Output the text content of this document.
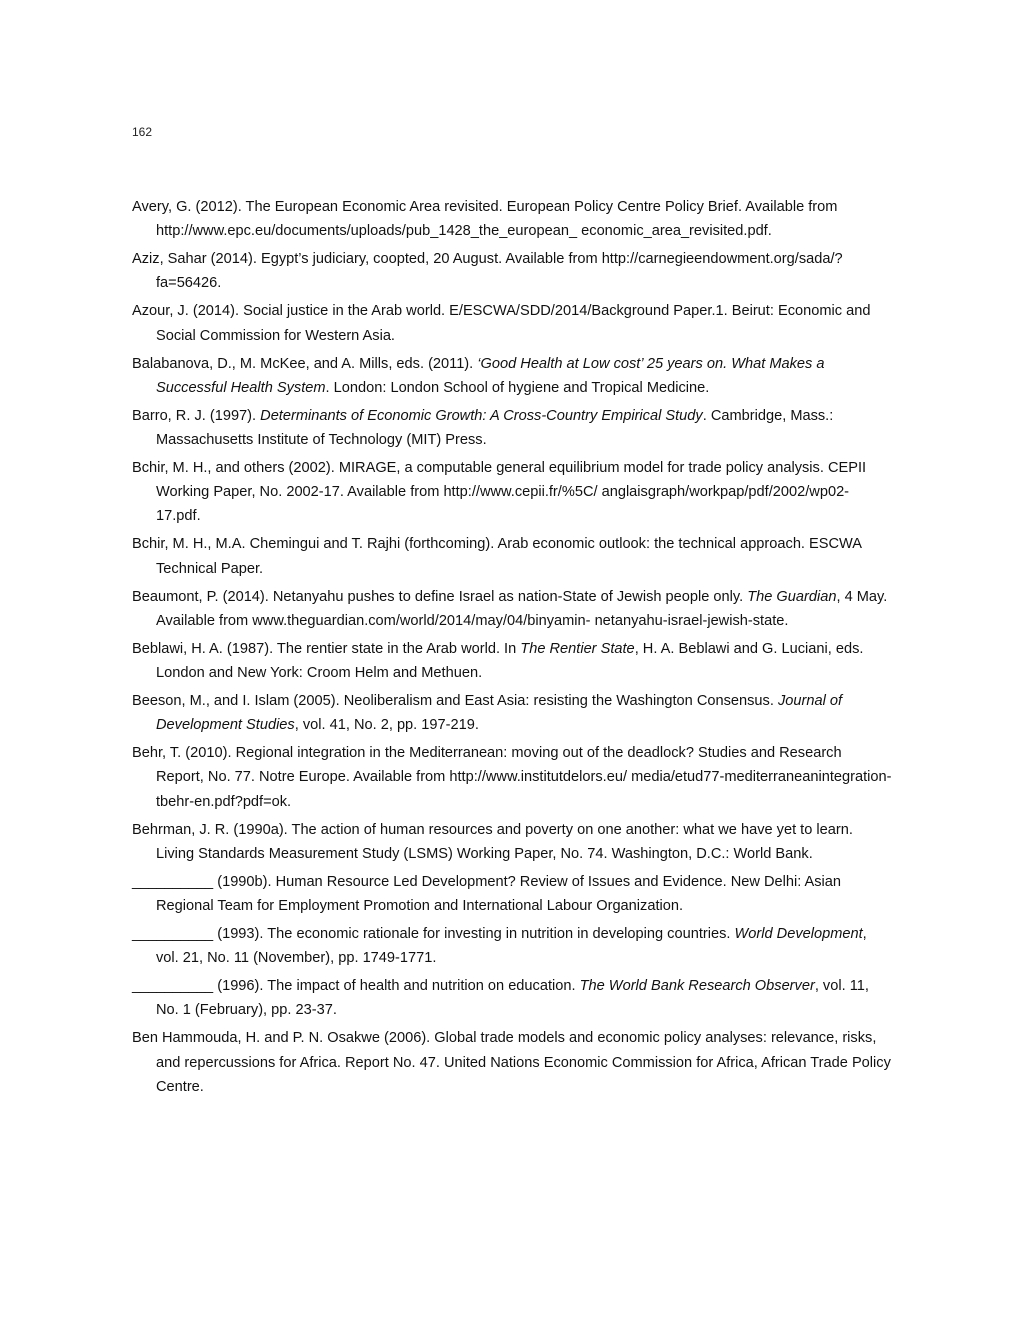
162

Avery, G. (2012). The European Economic Area revisited. European Policy Centre Policy Brief. Available from http://www.epc.eu/documents/uploads/pub_1428_the_european_ economic_area_revisited.pdf.

Aziz, Sahar (2014). Egypt’s judiciary, coopted, 20 August. Available from http://carnegieendowment.org/sada/?fa=56426.

Azour, J. (2014). Social justice in the Arab world. E/ESCWA/SDD/2014/Background Paper.1. Beirut: Economic and Social Commission for Western Asia.

Balabanova, D., M. McKee, and A. Mills, eds. (2011). ‘Good Health at Low cost’ 25 years on. What Makes a Successful Health System. London: London School of hygiene and Tropical Medicine.

Barro, R. J. (1997). Determinants of Economic Growth: A Cross-Country Empirical Study. Cambridge, Mass.: Massachusetts Institute of Technology (MIT) Press.

Bchir, M. H., and others (2002). MIRAGE, a computable general equilibrium model for trade policy analysis. CEPII Working Paper, No. 2002-17. Available from http://www.cepii.fr/%5C/ anglaisgraph/workpap/pdf/2002/wp02-17.pdf.

Bchir, M. H., M.A. Chemingui and T. Rajhi (forthcoming). Arab economic outlook: the technical approach. ESCWA Technical Paper.

Beaumont, P. (2014). Netanyahu pushes to define Israel as nation-State of Jewish people only. The Guardian, 4 May. Available from www.theguardian.com/world/2014/may/04/binyamin- netanyahu-israel-jewish-state.

Beblawi, H. A. (1987). The rentier state in the Arab world. In The Rentier State, H. A. Beblawi and G. Luciani, eds. London and New York: Croom Helm and Methuen.

Beeson, M., and I. Islam (2005). Neoliberalism and East Asia: resisting the Washington Consensus. Journal of Development Studies, vol. 41, No. 2, pp. 197-219.

Behr, T. (2010). Regional integration in the Mediterranean: moving out of the deadlock? Studies and Research Report, No. 77. Notre Europe. Available from http://www.institutdelors.eu/ media/etud77-mediterraneanintegration-tbehr-en.pdf?pdf=ok.

Behrman, J. R. (1990a). The action of human resources and poverty on one another: what we have yet to learn. Living Standards Measurement Study (LSMS) Working Paper, No. 74. Washington, D.C.: World Bank.

__________ (1990b). Human Resource Led Development? Review of Issues and Evidence. New Delhi: Asian Regional Team for Employment Promotion and International Labour Organization.

__________ (1993). The economic rationale for investing in nutrition in developing countries. World Development, vol. 21, No. 11 (November), pp. 1749-1771.

__________ (1996). The impact of health and nutrition on education. The World Bank Research Observer, vol. 11, No. 1 (February), pp. 23-37.

Ben Hammouda, H. and P. N. Osakwe (2006). Global trade models and economic policy analyses: relevance, risks, and repercussions for Africa. Report No. 47. United Nations Economic Commission for Africa, African Trade Policy Centre.
